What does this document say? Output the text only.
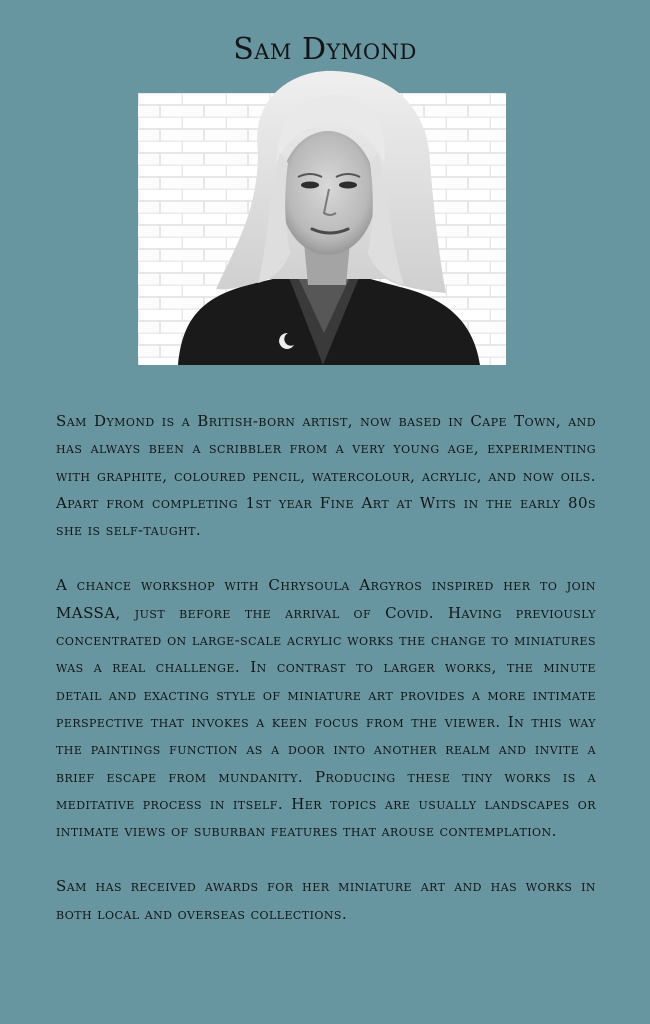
Sam Dymond

Sam Dymond is a British-born artist, now based in Cape Town, and has always been a scribbler from a very young age, experimenting with graphite, coloured pencil, watercolour, acrylic, and now oils. Apart from completing 1st year Fine Art at Wits in the early 80s she is self-taught.

A chance workshop with Chrysoula Argyros inspired her to join MASSA, just before the arrival of Covid. Having previously concentrated on large-scale acrylic works the change to miniatures was a real challenge. In contrast to larger works, the minute detail and exacting style of miniature art provides a more intimate perspective that invokes a keen focus from the viewer. In this way the paintings function as a door into another realm and invite a brief escape from mundanity. Producing these tiny works is a meditative process in itself. Her topics are usually landscapes or intimate views of suburban features that arouse contemplation.

Sam has received awards for her miniature art and has works in both local and overseas collections.
